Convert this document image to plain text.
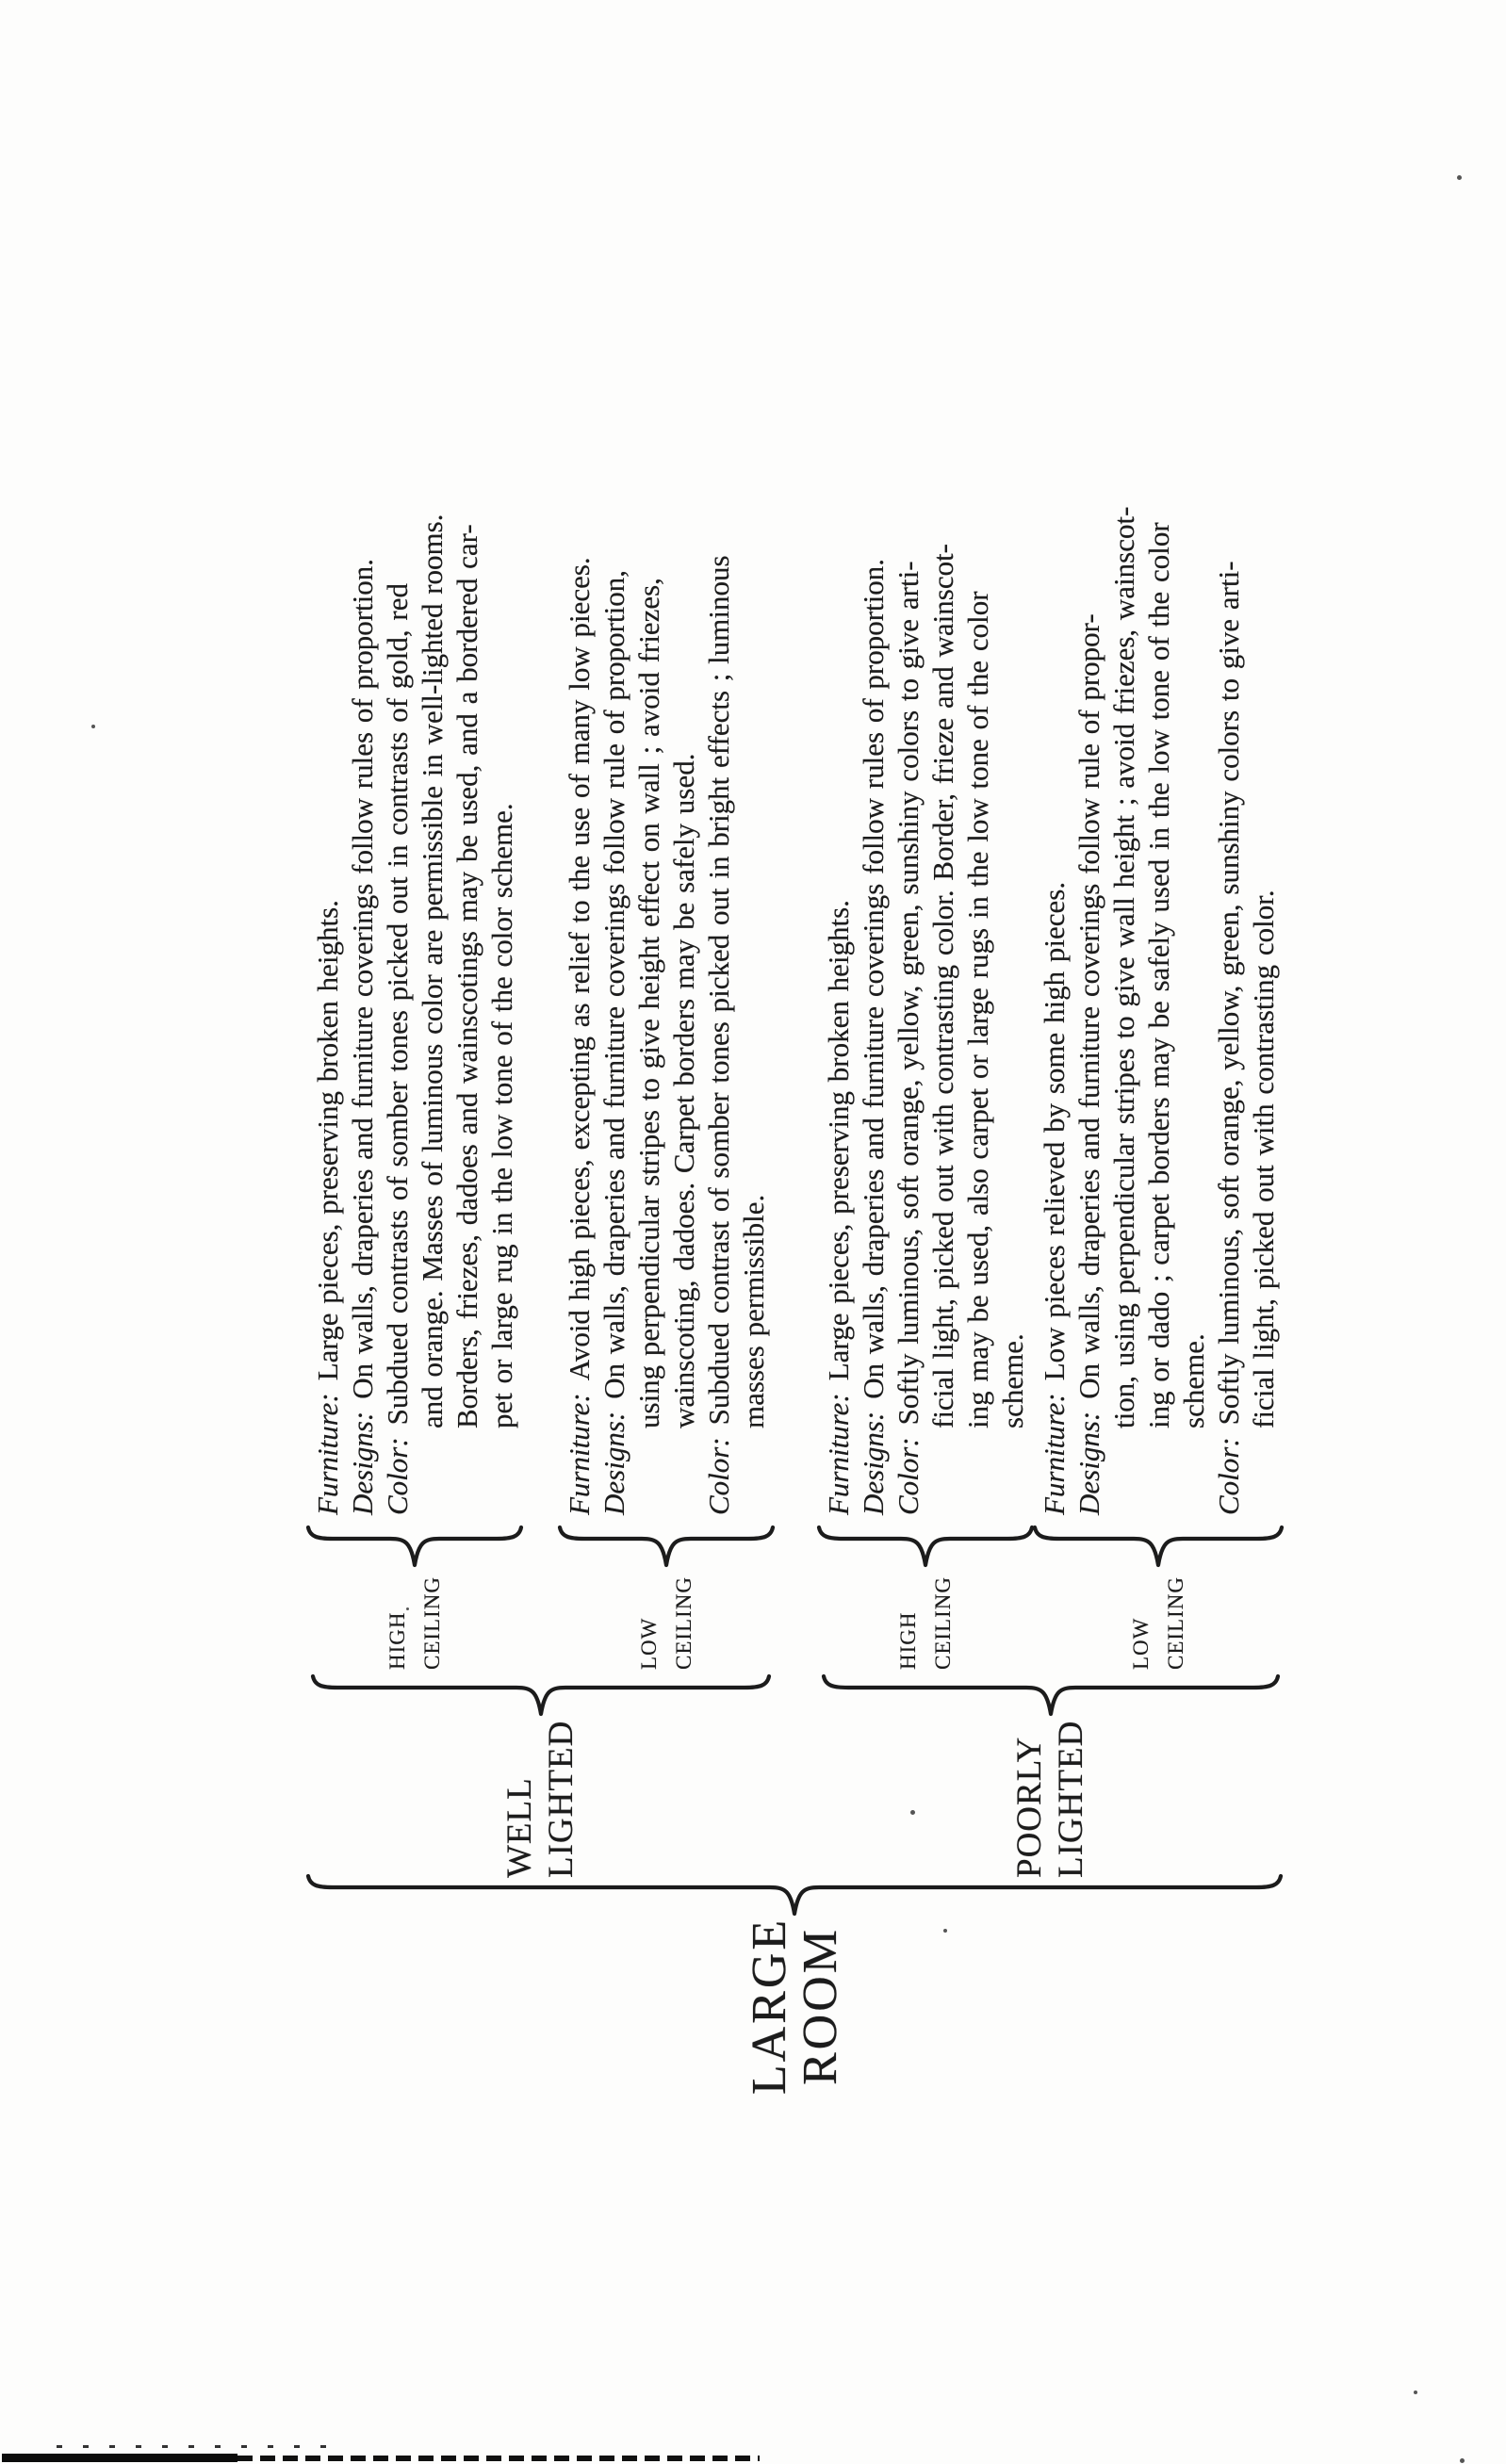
LARGE
ROOM
WELL LIGHTED
HIGH CEILING
Furniture:Large pieces, preserving broken heights.
Designs:On walls, draperies and furniture coverings follow rules of proportion.
Color:Subdued contrasts of somber tones picked out in contrasts of gold, red and orange. Masses of luminous color are permissible in well-lighted rooms. Borders, friezes, dadoes and wainscotings may be used, and a bordered car- pet or large rug in the low tone of the color scheme.
LOW CEILING
Furniture:Avoid high pieces, excepting as relief to the use of many low pieces.
Designs:On walls, draperies and furniture coverings follow rule of proportion, using perpendicular stripes to give height effect on wall ; avoid friezes, wainscoting, dadoes. Carpet borders may be safely used.
Color:Subdued contrast of somber tones picked out in bright effects ; luminous masses permissible.
POORLY LIGHTED
HIGH CEILING
Furniture:Large pieces, preserving broken heights.
Designs:On walls, draperies and furniture coverings follow rules of proportion.
Color:Softly luminous, soft orange, yellow, green, sunshiny colors to give arti- ficial light, picked out with contrasting color. Border, frieze and wainscot- ing may be used, also carpet or large rugs in the low tone of the color scheme.
LOW CEILING
Furniture:Low pieces relieved by some high pieces.
Designs:On walls, draperies and furniture coverings follow rule of propor- tion, using perpendicular stripes to give wall height ; avoid friezes, wainscot- ing or dado ; carpet borders may be safely used in the low tone of the color scheme.
Color:Softly luminous, soft orange, yellow, green, sunshiny colors to give arti- ficial light, picked out with contrasting color.
